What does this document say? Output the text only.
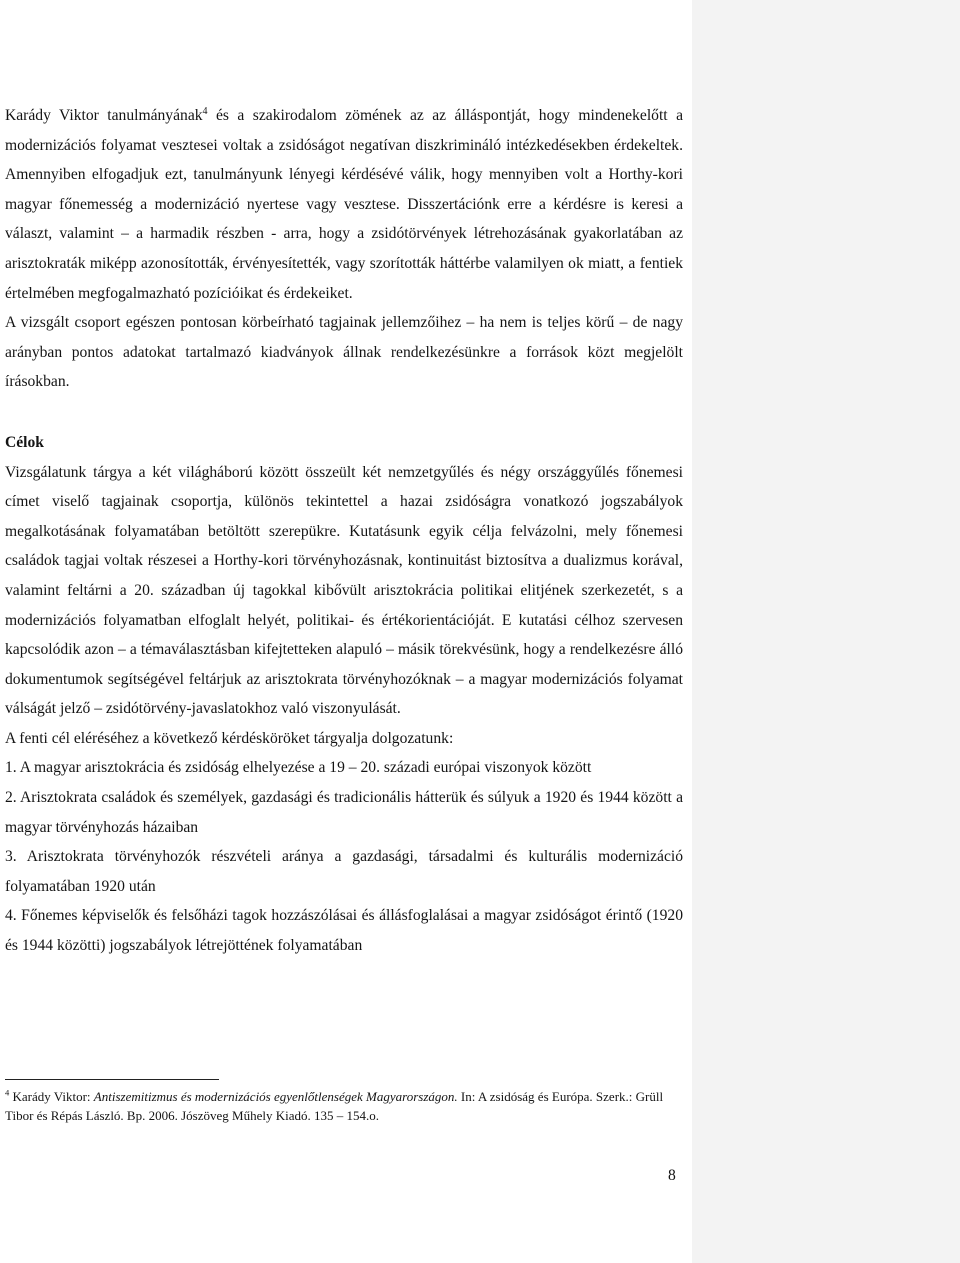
Karády Viktor tanulmányának$^4$ és a szakirodalom zömének az az álláspontját, hogy mindenekelőtt a modernizációs folyamat vesztesei voltak a zsidóságot negatívan diszkrimináló intézkedésekben érdekeltek. Amennyiben elfogadjuk ezt, tanulmányunk lényegi kérdésévé válik, hogy mennyiben volt a Horthy-kori magyar főnemesség a modernizáció nyertese vagy vesztese. Disszertációnk erre a kérdésre is keresi a választ, valamint – a harmadik részben - arra, hogy a zsidótörvények létrehozásának gyakorlatában az arisztokraták miképp azonosították, érvényesítették, vagy szorították háttérbe valamilyen ok miatt, a fentiek értelmében megfogalmazható pozícióikat és érdekeiket.

A vizsgált csoport egészen pontosan körbeírható tagjainak jellemzőihez – ha nem is teljes körű – de nagy arányban pontos adatokat tartalmazó kiadványok állnak rendelkezésünkre a források közt megjelölt írásokban.

Célok

Vizsgálatunk tárgya a két világháború között összeült két nemzetgyűlés és négy országgyűlés főnemesi címet viselő tagjainak csoportja, különös tekintettel a hazai zsidóságra vonatkozó jogszabályok megalkotásának folyamatában betöltött szerepükre. Kutatásunk egyik célja felvázolni, mely főnemesi családok tagjai voltak részesei a Horthy-kori törvényhozásnak, kontinuitást biztosítva a dualizmus korával, valamint feltárni a 20. században új tagokkal kibővült arisztokrácia politikai elitjének szerkezetét, s a modernizációs folyamatban elfoglalt helyét, politikai- és értékorientációját. E kutatási célhoz szervesen kapcsolódik azon – a témaválasztásban kifejtetteken alapuló – másik törekvésünk, hogy a rendelkezésre álló dokumentumok segítségével feltárjuk az arisztokrata törvényhozóknak – a magyar modernizációs folyamat válságát jelző – zsidótörvény-javaslatokhoz való viszonyulását.

A fenti cél eléréséhez a következő kérdésköröket tárgyalja dolgozatunk:

1. A magyar arisztokrácia és zsidóság elhelyezése a 19 – 20. századi európai viszonyok között

2. Arisztokrata családok és személyek, gazdasági és tradicionális hátterük és súlyuk a 1920 és 1944 között a magyar törvényhozás házaiban

3. Arisztokrata törvényhozók részvételi aránya a gazdasági, társadalmi és kulturális modernizáció folyamatában 1920 után

4. Főnemes képviselők és felsőházi tagok hozzászólásai és állásfoglalásai a magyar zsidóságot érintő (1920 és 1944 közötti) jogszabályok létrejöttének folyamatában

$^4$ Karády Viktor: Antiszemitizmus és modernizációs egyenlőtlenségek Magyarországon. In: A zsidóság és Európa. Szerk.: Grüll Tibor és Répás László. Bp. 2006. Jószöveg Műhely Kiadó. 135 – 154.o.
8
